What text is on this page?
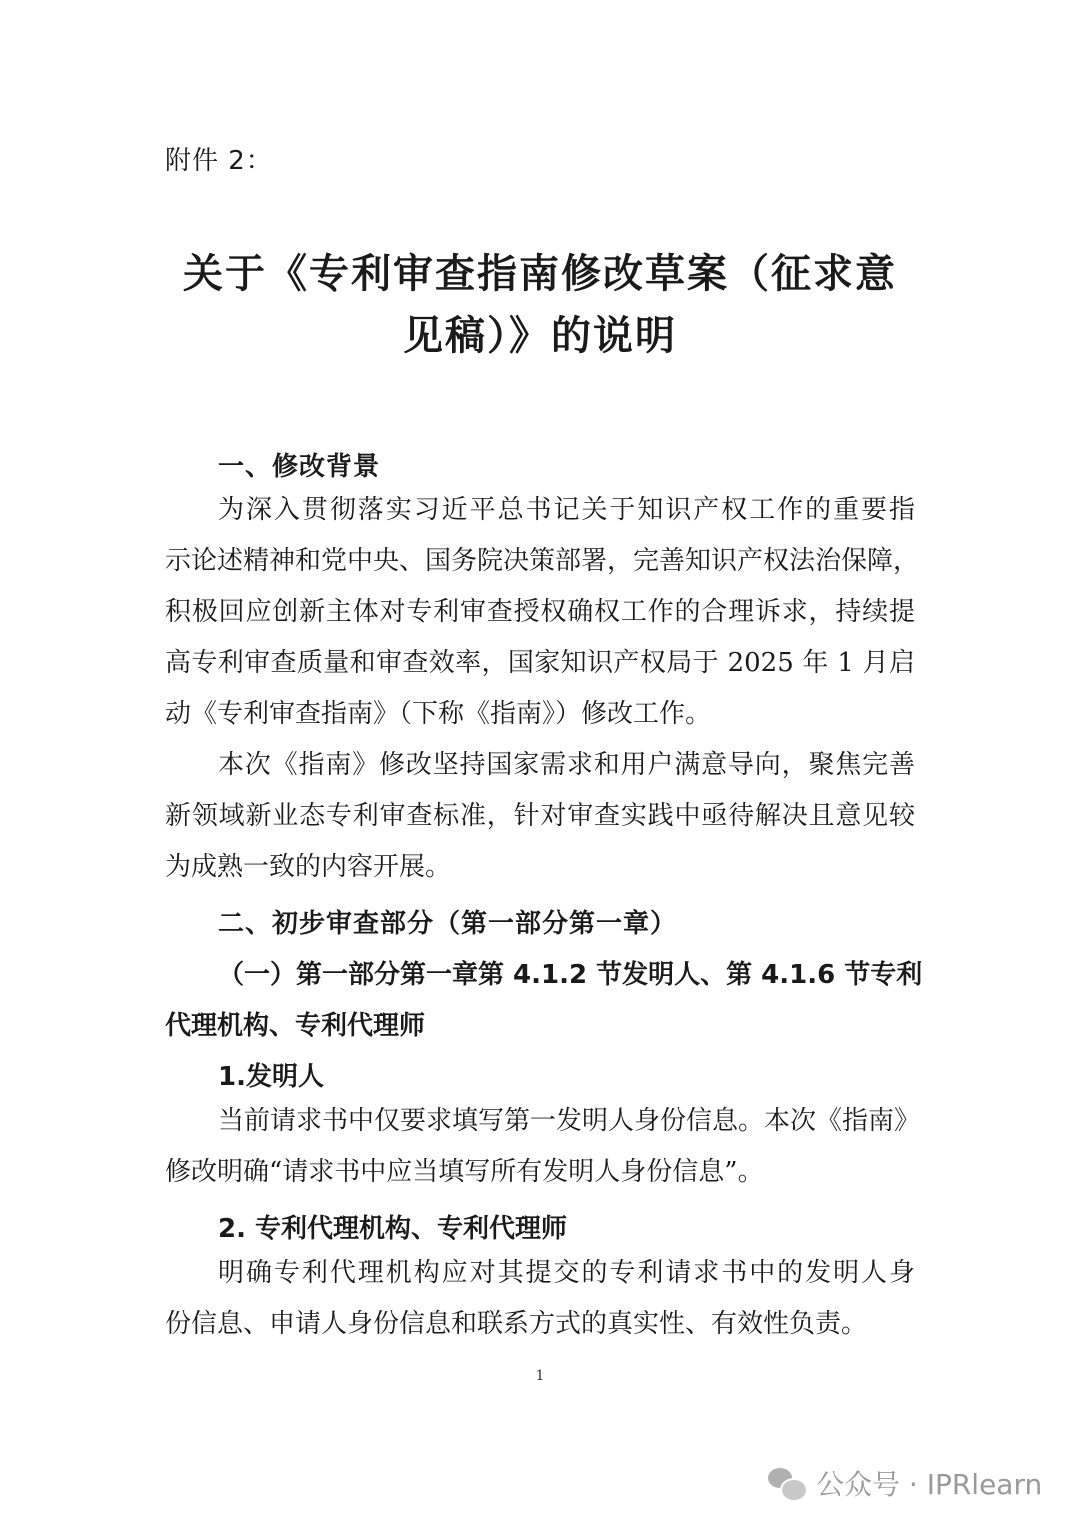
附件 2：
关于《专利审查指南修改草案（征求意
见稿）》的说明
一、修改背景
为深入贯彻落实习近平总书记关于知识产权工作的重要指
示论述精神和党中央、国务院决策部署，完善知识产权法治保障，
积极回应创新主体对专利审查授权确权工作的合理诉求，持续提
高专利审查质量和审查效率，国家知识产权局于 2025 年 1 月启
动《专利审查指南》（下称《指南》）修改工作。
本次《指南》修改坚持国家需求和用户满意导向，聚焦完善
新领域新业态专利审查标准，针对审查实践中亟待解决且意见较
为成熟一致的内容开展。
二、初步审查部分（第一部分第一章）
（一）第一部分第一章第 4.1.2 节发明人、第 4.1.6 节专利
代理机构、专利代理师
1.发明人
当前请求书中仅要求填写第一发明人身份信息。本次《指南》
修改明确“请求书中应当填写所有发明人身份信息”。
2. 专利代理机构、专利代理师
明确专利代理机构应对其提交的专利请求书中的发明人身
份信息、申请人身份信息和联系方式的真实性、有效性负责。
1
公众号 · IPRlearn
